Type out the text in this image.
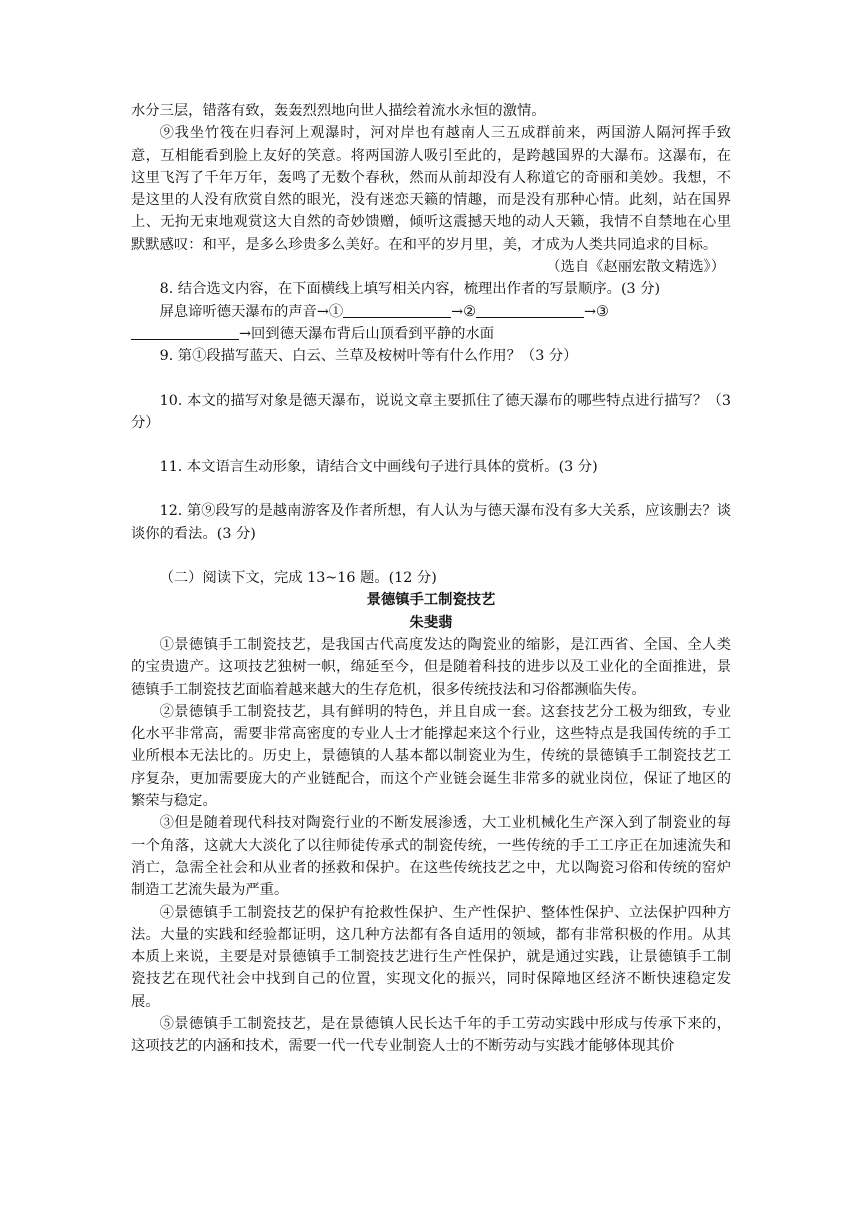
水分三层，错落有致，轰轰烈烈地向世人描绘着流水永恒的激情。

⑨我坐竹筏在归春河上观瀑时，河对岸也有越南人三五成群前来，两国游人隔河挥手致意，互相能看到脸上友好的笑意。将两国游人吸引至此的，是跨越国界的大瀑布。这瀑布，在这里飞泻了千年万年，轰鸣了无数个春秋，然而从前却没有人称道它的奇丽和美妙。我想，不是这里的人没有欣赏自然的眼光，没有迷恋天籁的情趣，而是没有那种心情。此刻，站在国界上、无拘无束地观赏这大自然的奇妙馈赠，倾听这震撼天地的动人天籁，我情不自禁地在心里默默感叹：和平，是多么珍贵多么美好。在和平的岁月里，美，才成为人类共同追求的目标。

（选自《赵丽宏散文精选》）

8. 结合选文内容，在下面横线上填写相关内容，梳理出作者的写景顺序。(3 分)

屏息谛听德天瀑布的声音→①	→②	→③

→回到德天瀑布背后山顶看到平静的水面

9. 第①段描写蓝天、白云、兰草及桉树叶等有什么作用？（3 分）

10. 本文的描写对象是德天瀑布，说说文章主要抓住了德天瀑布的哪些特点进行描写？（3 分）

11. 本文语言生动形象，请结合文中画线句子进行具体的赏析。(3 分)

12. 第⑨段写的是越南游客及作者所想，有人认为与德天瀑布没有多大关系，应该删去？谈谈你的看法。(3 分)

（二）阅读下文，完成 13~16 题。(12 分)

景德镇手工制瓷技艺

朱斐翡

①景德镇手工制瓷技艺，是我国古代高度发达的陶瓷业的缩影，是江西省、全国、全人类的宝贵遗产。这项技艺独树一帜，绵延至今，但是随着科技的进步以及工业化的全面推进，景德镇手工制瓷技艺面临着越来越大的生存危机，很多传统技法和习俗都濒临失传。

②景德镇手工制瓷技艺，具有鲜明的特色，并且自成一套。这套技艺分工极为细致，专业化水平非常高，需要非常高密度的专业人士才能撑起来这个行业，这些特点是我国传统的手工业所根本无法比的。历史上，景德镇的人基本都以制瓷业为生，传统的景德镇手工制瓷技艺工序复杂，更加需要庞大的产业链配合，而这个产业链会诞生非常多的就业岗位，保证了地区的繁荣与稳定。

③但是随着现代科技对陶瓷行业的不断发展渗透，大工业机械化生产深入到了制瓷业的每一个角落，这就大大淡化了以往师徒传承式的制瓷传统，一些传统的手工工序正在加速流失和消亡，急需全社会和从业者的拯救和保护。在这些传统技艺之中，尤以陶瓷习俗和传统的窑炉制造工艺流失最为严重。

④景德镇手工制瓷技艺的保护有抢救性保护、生产性保护、整体性保护、立法保护四种方法。大量的实践和经验都证明，这几种方法都有各自适用的领域，都有非常积极的作用。从其本质上来说，主要是对景德镇手工制瓷技艺进行生产性保护，就是通过实践，让景德镇手工制瓷技艺在现代社会中找到自己的位置，实现文化的振兴，同时保障地区经济不断快速稳定发展。

⑤景德镇手工制瓷技艺，是在景德镇人民长达千年的手工劳动实践中形成与传承下来的，这项技艺的内涵和技术，需要一代一代专业制瓷人士的不断劳动与实践才能够体现其价
